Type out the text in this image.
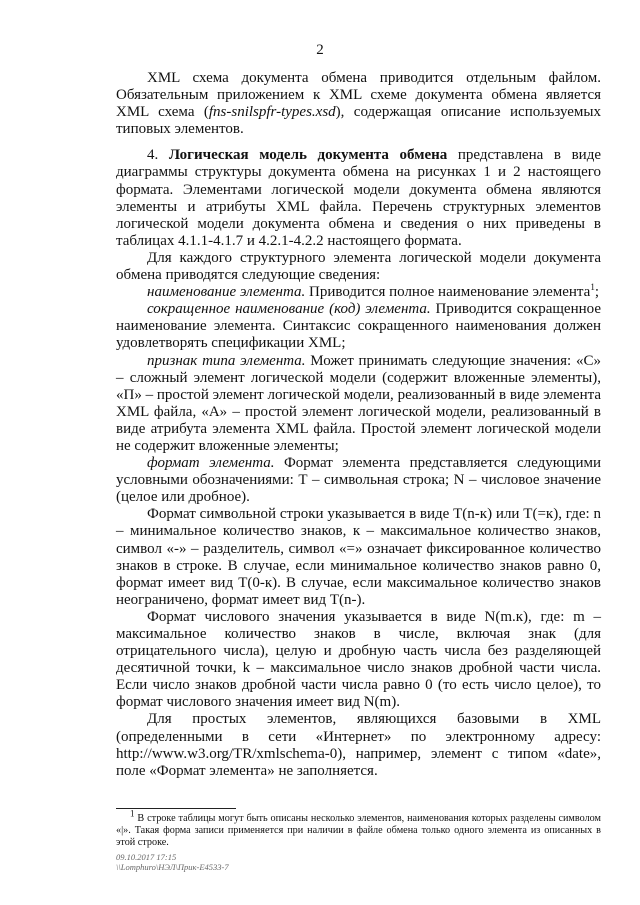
2

XML схема документа обмена приводится отдельным файлом. Обязательным приложением к XML схеме документа обмена является XML схема (fns-snilspfr-types.xsd), содержащая описание используемых типовых элементов.

4. Логическая модель документа обмена представлена в виде диаграммы структуры документа обмена на рисунках 1 и 2 настоящего формата. Элементами логической модели документа обмена являются элементы и атрибуты XML файла. Перечень структурных элементов логической модели документа обмена и сведения о них приведены в таблицах 4.1.1-4.1.7 и 4.2.1-4.2.2 настоящего формата.

Для каждого структурного элемента логической модели документа обмена приводятся следующие сведения:

наименование элемента. Приводится полное наименование элемента$^1$;

сокращенное наименование (код) элемента. Приводится сокращенное наименование элемента. Синтаксис сокращенного наименования должен удовлетворять спецификации XML;

признак типа элемента. Может принимать следующие значения: «С» – сложный элемент логической модели (содержит вложенные элементы), «П» – простой элемент логической модели, реализованный в виде элемента XML файла, «А» – простой элемент логической модели, реализованный в виде атрибута элемента XML файла. Простой элемент логической модели не содержит вложенные элементы;

формат элемента. Формат элемента представляется следующими условными обозначениями: Т – символьная строка; N – числовое значение (целое или дробное).

Формат символьной строки указывается в виде Т(n-к) или Т(=к), где: n – минимальное количество знаков, к – максимальное количество знаков, символ «-» – разделитель, символ «=» означает фиксированное количество знаков в строке. В случае, если минимальное количество знаков равно 0, формат имеет вид Т(0-к). В случае, если максимальное количество знаков неограничено, формат имеет вид Т(n-).

Формат числового значения указывается в виде N(m.к), где: m – максимальное количество знаков в числе, включая знак (для отрицательного числа), целую и дробную часть числа без разделяющей десятичной точки, k – максимальное число знаков дробной части числа. Если число знаков дробной части числа равно 0 (то есть число целое), то формат числового значения имеет вид N(m).

Для простых элементов, являющихся базовыми в XML (определенными в сети «Интернет» по электронному адресу: http://www.w3.org/TR/xmlschema-0), например, элемент с типом «date», поле «Формат элемента» не заполняется.

$^1$ В строке таблицы могут быть описаны несколько элементов, наименования которых разделены символом «|». Такая форма записи применяется при наличии в файле обмена только одного элемента из описанных в этой строке.

09.10.2017 17:15
\\Lomphuro\НЭЛ\Прик-Е4533-7
